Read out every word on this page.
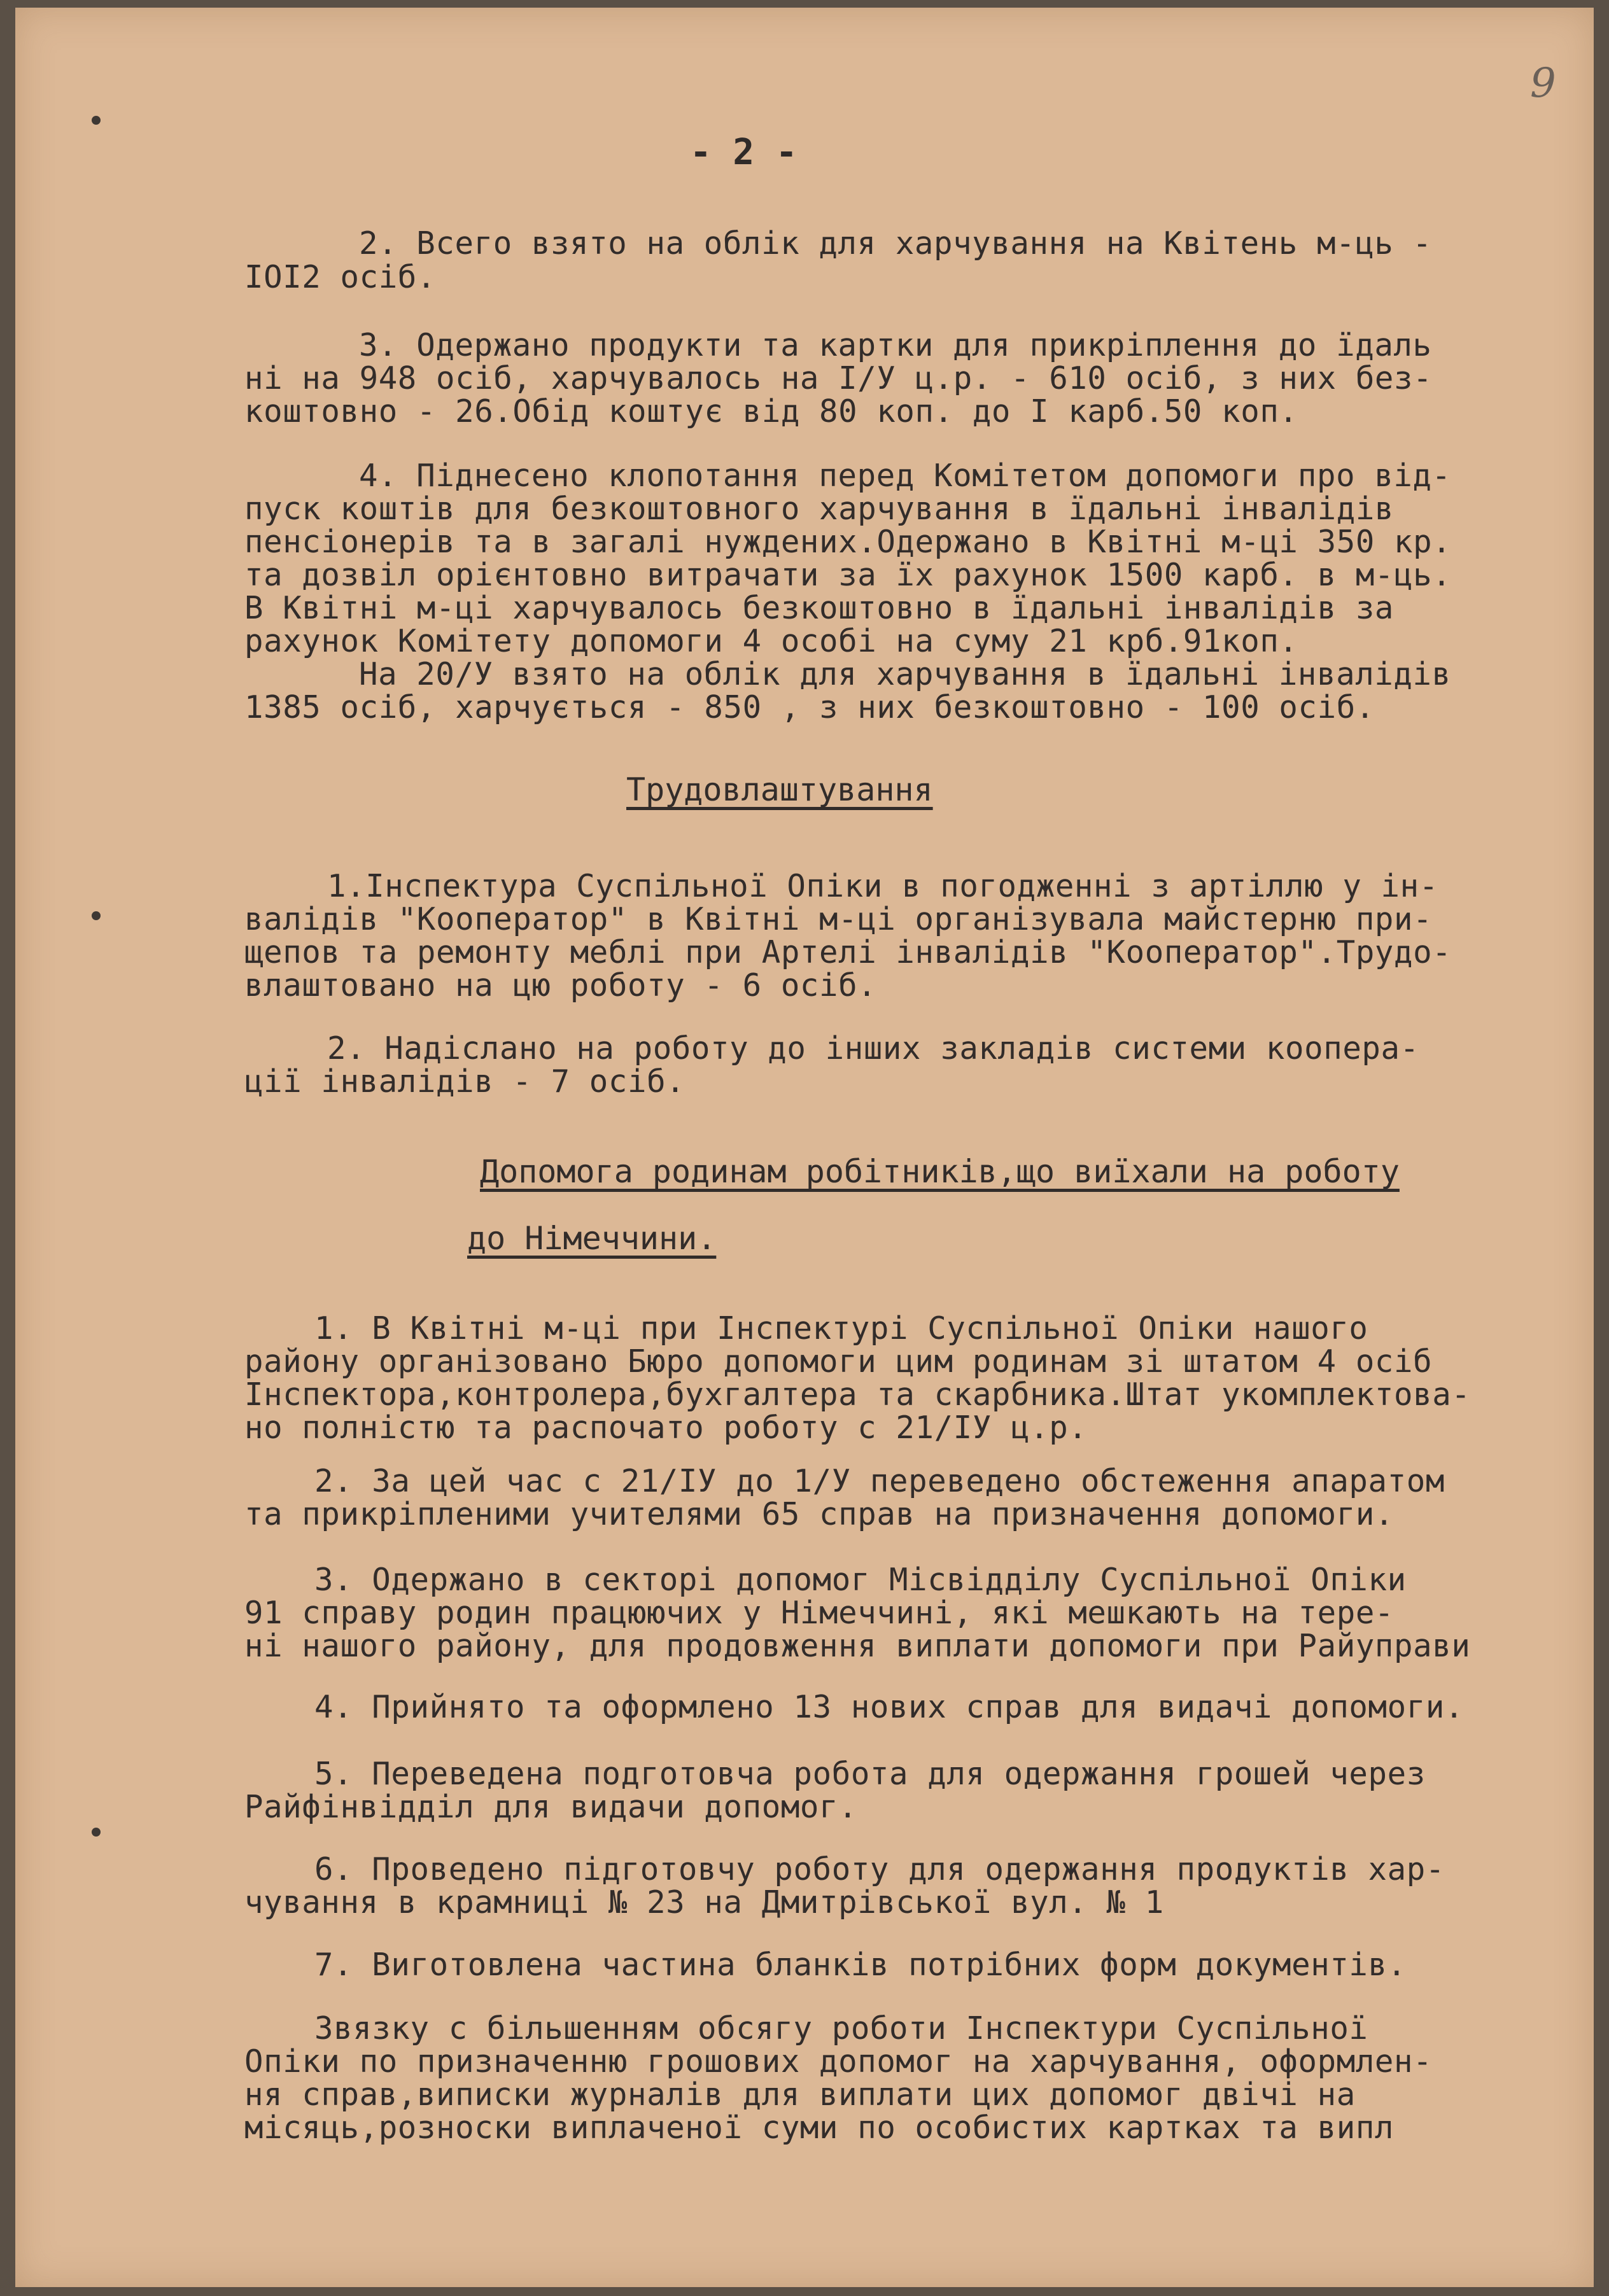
9
- 2 -
2. Всего взято на облік для харчування на Квітень м-ць -
IOI2 осіб.
3. Одержано продукти та картки для прикріплення до їдаль
ні на 948 осіб, харчувалось на I/У ц.р. - 610 осіб, з них без-
коштовно - 26.Обід коштує від 80 коп. до I карб.50 коп.
4. Піднесено клопотання перед Комітетом допомоги про від-
пуск коштів для безкоштовного харчування в їдальні інвалідів
пенсіонерів та в загалі нуждених.Одержано в Квітні м-ці 350 кр.
та дозвіл орієнтовно витрачати за їх рахунок 1500 карб. в м-ць.
В Квітні м-ці харчувалось безкоштовно в їдальні інвалідів за
рахунок Комітету допомоги 4 особі на суму 21 крб.91коп.
На 20/У взято на облік для харчування в їдальні інвалідів
1385 осіб, харчується - 850 , з них безкоштовно - 100 осіб.
Трудовлаштування
1.Інспектура Суспільної Опіки в погодженні з артіллю у ін-
валідів "Кооператор" в Квітні м-ці організувала майстерню при-
щепов та ремонту меблі при Артелі інвалідів "Кооператор".Трудо-
влаштовано на цю роботу - 6 осіб.
2. Надіслано на роботу до інших закладів системи коопера-
ції інвалідів - 7 осіб.
Допомога родинам робітників,що виїхали на роботу
до Німеччини.
1. В Квітні м-ці при Інспектурі Суспільної Опіки нашого
району організовано Бюро допомоги цим родинам зі штатом 4 осіб
Інспектора,контролера,бухгалтера та скарбника.Штат укомплектова-
но полністю та распочато роботу с 21/IУ ц.р.
2. За цей час с 21/IУ до 1/У переведено обстеження апаратом
та прикріпленими учителями 65 справ на призначення допомоги.
3. Одержано в секторі допомог Місвідділу Суспільної Опіки
91 справу родин працюючих у Німеччині, які мешкають на тере-
ні нашого району, для продовження виплати допомоги при Райуправи
4. Прийнято та оформлено 13 нових справ для видачі допомоги.
5. Переведена подготовча робота для одержання грошей через
Райфінвідділ для видачи допомог.
6. Проведено підготовчу роботу для одержання продуктів хар-
чування в крамниці № 23 на Дмитрівської вул. № 1
7. Виготовлена частина бланків потрібних форм документів.
Звязку с більшенням обсягу роботи Інспектури Суспільної
Опіки по призначенню грошових допомог на харчування, оформлен-
ня справ,виписки журналів для виплати цих допомог двічі на
місяць,розноски виплаченої суми по особистих картках та випл
